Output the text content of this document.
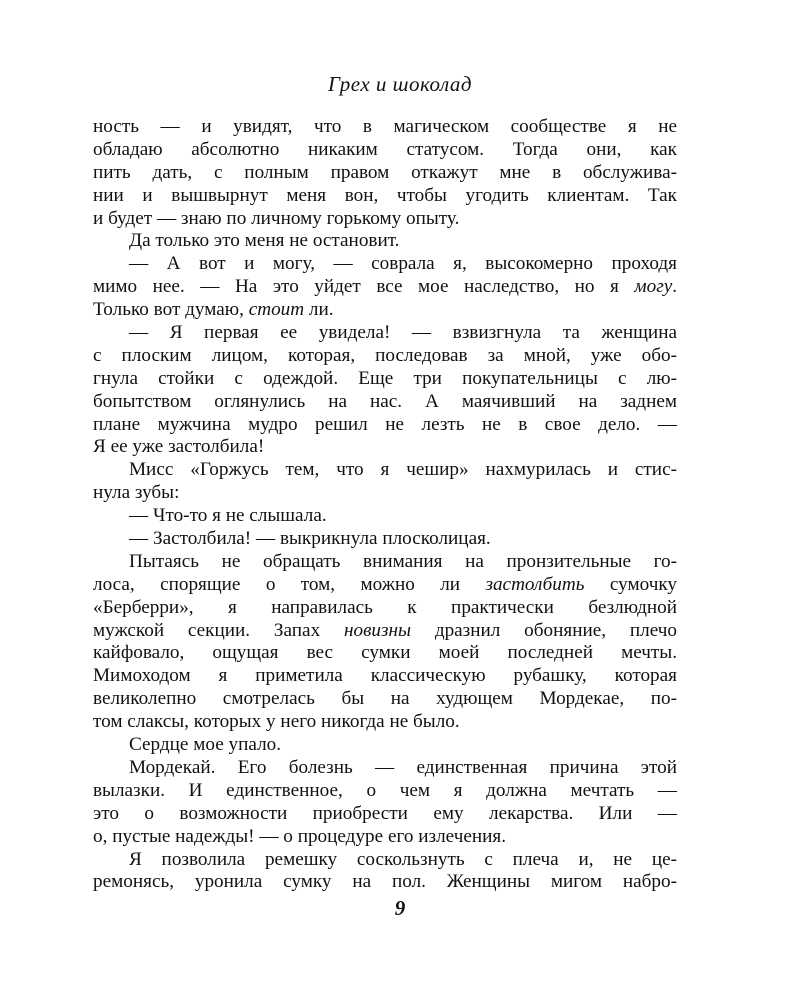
Грех и шоколад
ность — и увидят, что в магическом сообществе я не
обладаю абсолютно никаким статусом. Тогда они, как
пить дать, с полным правом откажут мне в обслужива-
нии и вышвырнут меня вон, чтобы угодить клиентам. Так
и будет — знаю по личному горькому опыту.
Да только это меня не остановит.
— А вот и могу, — соврала я, высокомерно проходя
мимо нее. — На это уйдет все мое наследство, но я могу.
Только вот думаю, стоит ли.
— Я первая ее увидела! — взвизгнула та женщина
с плоским лицом, которая, последовав за мной, уже обо-
гнула стойки с одеждой. Еще три покупательницы с лю-
бопытством оглянулись на нас. А маячивший на заднем
плане мужчина мудро решил не лезть не в свое дело. —
Я ее уже застолбила!
Мисс «Горжусь тем, что я чешир» нахмурилась и стис-
нула зубы:
— Что-то я не слышала.
— Застолбила! — выкрикнула плосколицая.
Пытаясь не обращать внимания на пронзительные го-
лоса, спорящие о том, можно ли застолбить сумочку
«Берберри», я направилась к практически безлюдной
мужской секции. Запах новизны дразнил обоняние, плечо
кайфовало, ощущая вес сумки моей последней мечты.
Мимоходом я приметила классическую рубашку, которая
великолепно смотрелась бы на худющем Мордекае, по-
том слаксы, которых у него никогда не было.
Сердце мое упало.
Мордекай. Его болезнь — единственная причина этой
вылазки. И единственное, о чем я должна мечтать —
это о возможности приобрести ему лекарства. Или —
о, пустые надежды! — о процедуре его излечения.
Я позволила ремешку соскользнуть с плеча и, не це-
ремонясь, уронила сумку на пол. Женщины мигом набро-
9
